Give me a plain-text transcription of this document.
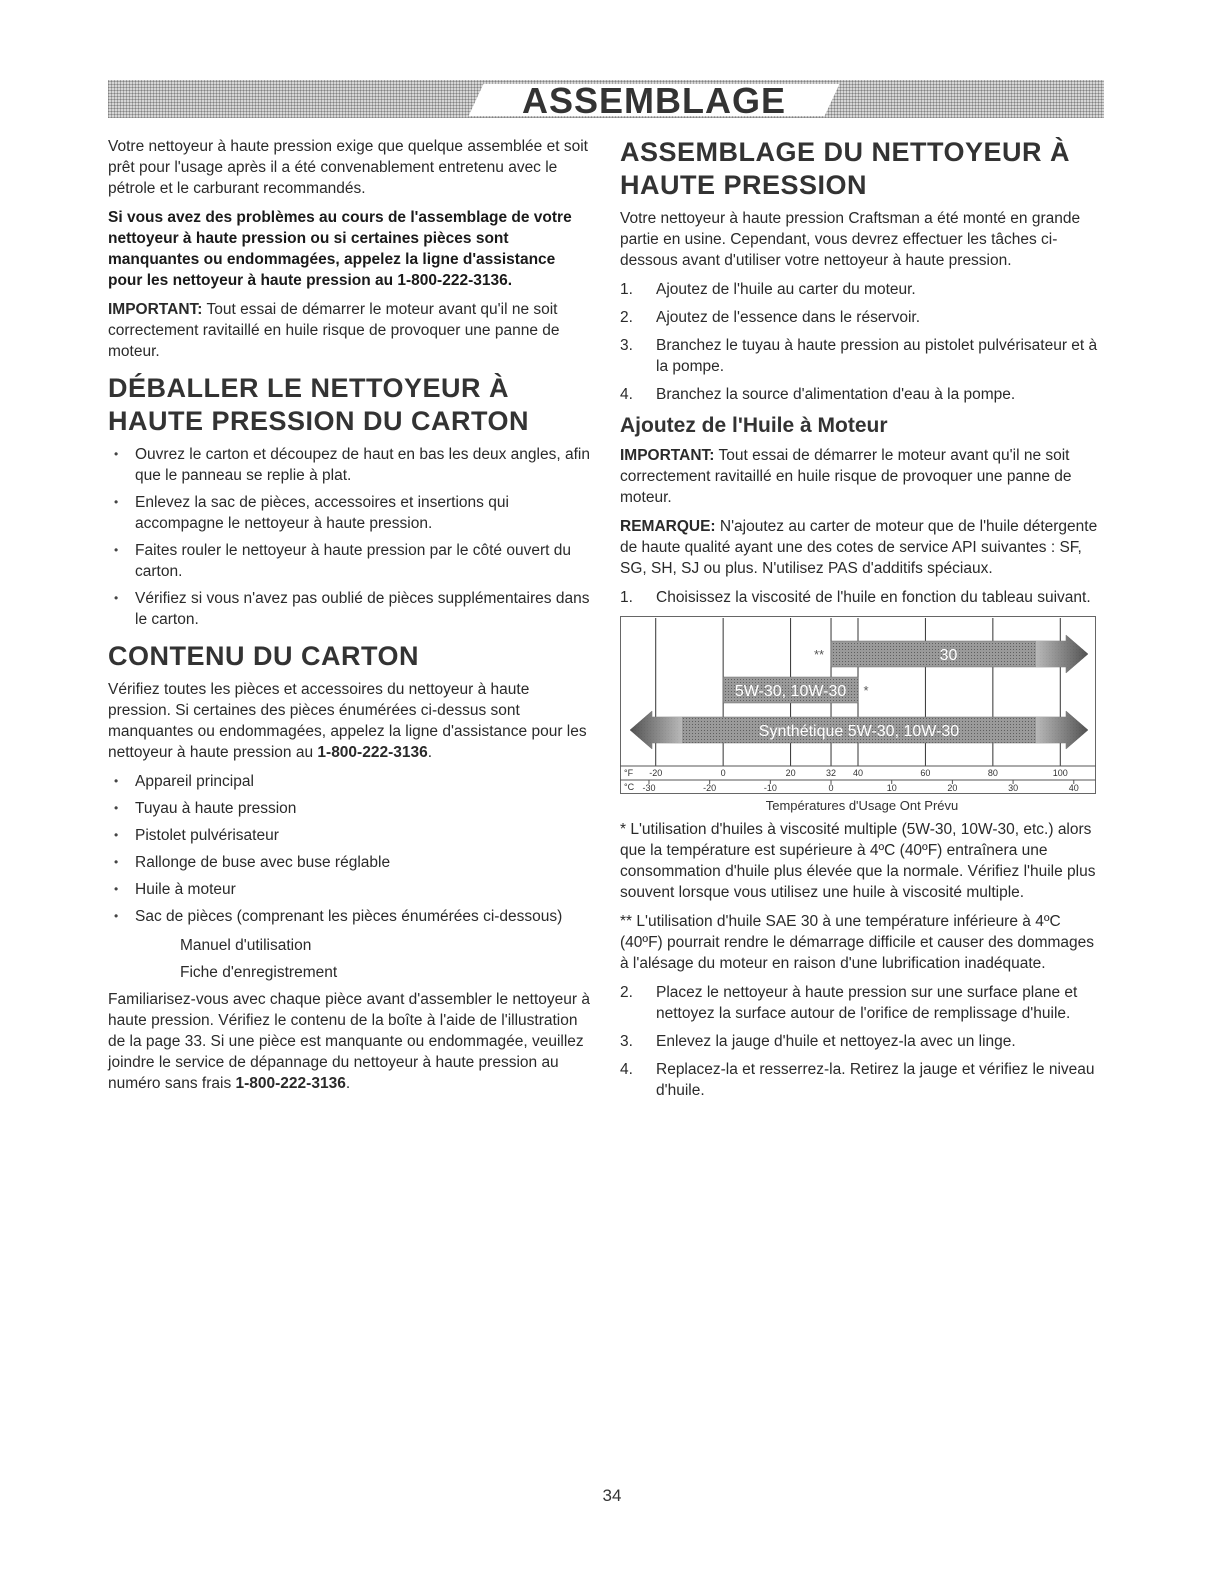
ASSEMBLAGE

Votre nettoyeur à haute pression exige que quelque assemblée et soit prêt pour l'usage après il a été convenablement entretenu avec le pétrole et le carburant recommandés.

Si vous avez des problèmes au cours de l'assemblage de votre nettoyeur à haute pression ou si certaines pièces sont manquantes ou endommagées, appelez la ligne d'assistance pour les nettoyeur à haute pression au 1-800-222-3136.

IMPORTANT: Tout essai de démarrer le moteur avant qu'il ne soit correctement ravitaillé en huile risque de provoquer une panne de moteur.

DÉBALLER LE NETTOYEUR À HAUTE PRESSION DU CARTON
• Ouvrez le carton et découpez de haut en bas les deux angles, afin que le panneau se replie à plat.
• Enlevez la sac de pièces, accessoires et insertions qui accompagne le nettoyeur à haute pression.
• Faites rouler le nettoyeur à haute pression par le côté ouvert du carton.
• Vérifiez si vous n'avez pas oublié de pièces supplémentaires dans le carton.
CONTENU DU CARTON

Vérifiez toutes les pièces et accessoires du nettoyeur à haute pression. Si certaines des pièces énumérées ci-dessus sont manquantes ou endommagées, appelez la ligne d'assistance pour les nettoyeur à haute pression au 1-800-222-3136.

• Appareil principal
• Tuyau à haute pression
• Pistolet pulvérisateur
• Rallonge de buse avec buse réglable
• Huile à moteur
• Sac de pièces (comprenant les pièces énumérées ci-dessous)
Manuel d'utilisation
Fiche d'enregistrement

Familiarisez-vous avec chaque pièce avant d'assembler le nettoyeur à haute pression. Vérifiez le contenu de la boîte à l'aide de l'illustration de la page 33. Si une pièce est manquante ou endommagée, veuillez joindre le service de dépannage du nettoyeur à haute pression au numéro sans frais 1-800-222-3136.

ASSEMBLAGE DU NETTOYEUR À HAUTE PRESSION

Votre nettoyeur à haute pression Craftsman a été monté en grande partie en usine. Cependant, vous devrez effectuer les tâches ci-dessous avant d'utiliser votre nettoyeur à haute pression.

1. Ajoutez de l'huile au carter du moteur.
2. Ajoutez de l'essence dans le réservoir.
3. Branchez le tuyau à haute pression au pistolet pulvérisateur et à la pompe.
4. Branchez la source d'alimentation d'eau à la pompe.
Ajoutez de l'Huile à Moteur

IMPORTANT: Tout essai de démarrer le moteur avant qu'il ne soit correctement ravitaillé en huile risque de provoquer une panne de moteur.

REMARQUE: N'ajoutez au carter de moteur que de l'huile détergente de haute qualité ayant une des cotes de service API suivantes : SF, SG, SH, SJ ou plus. N'utilisez PAS d'additifs spéciaux.

1. Choisissez la viscosité de l'huile en fonction du tableau suivant.
30
**
5W-30, 10W-30 *
Synthétique 5W-30, 10W-30
°F -20	0	20	32 40	60	80	100
°C -30	-20	-10	0	10	20	30	40
Températures d'Usage Ont Prévu

* L'utilisation d'huiles à viscosité multiple (5W-30, 10W-30, etc.) alors que la température est supérieure à 4ºC (40ºF) entraînera une consommation d'huile plus élevée que la normale. Vérifiez l'huile plus souvent lorsque vous utilisez une huile à viscosité multiple.

** L'utilisation d'huile SAE 30 à une température inférieure à 4ºC (40ºF) pourrait rendre le démarrage difficile et causer des dommages à l'alésage du moteur en raison d'une lubrification inadéquate.

2. Placez le nettoyeur à haute pression sur une surface plane et nettoyez la surface autour de l'orifice de remplissage d'huile.
3. Enlevez la jauge d'huile et nettoyez-la avec un linge.
4. Replacez-la et resserrez-la. Retirez la jauge et vérifiez le niveau d'huile.
34
